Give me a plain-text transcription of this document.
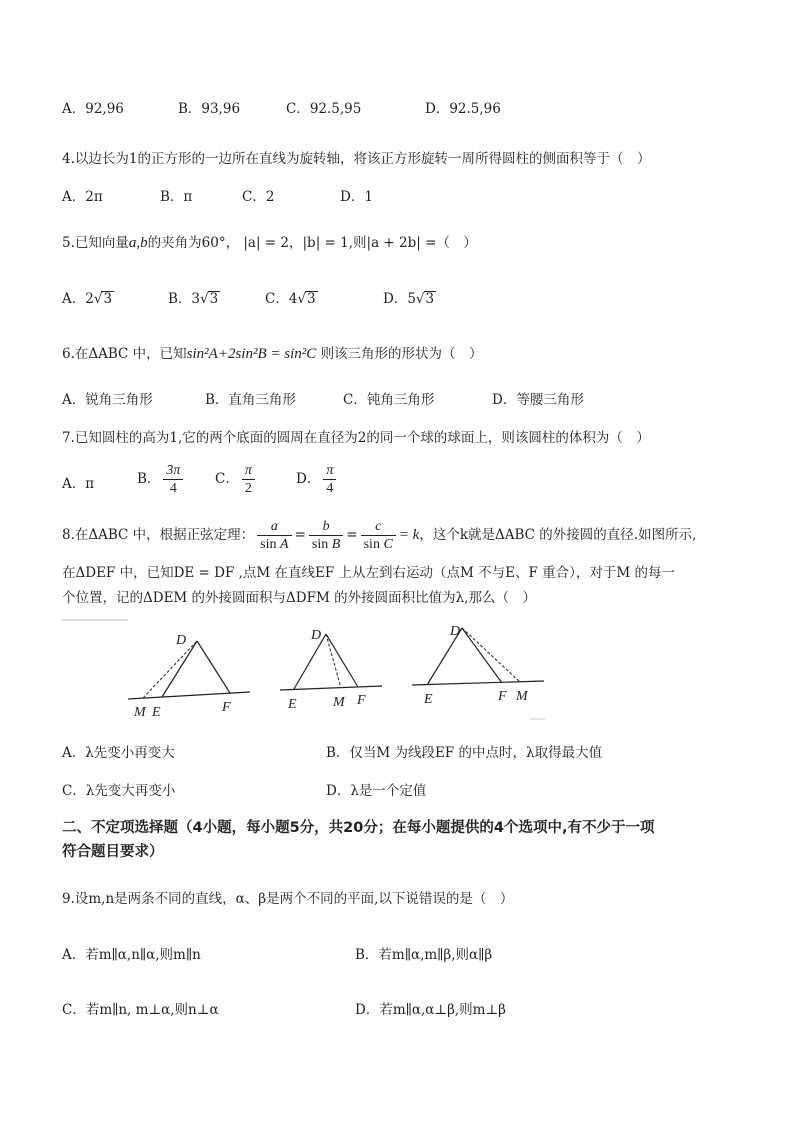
A．92,96	B．93,96	C．92.5,95	D．92.5,96
4.以边长为1的正方形的一边所在直线为旋转轴，将该正方形旋转一周所得圆柱的侧面积等于（　）
A．2π	B．π	C．2	D．1
5.已知向量a,b的夹角为60°， |a| = 2，|b| = 1,则|a + 2b| =（　）
A．2√3	B．3√3	C．4√3	D．5√3
6.在ΔABC 中，已知sin²A+2sin²B = sin²C 则该三角形的形状为（　）
A．锐角三角形	B．直角三角形	C．钝角三角形	D．等腰三角形
7.已知圆柱的高为1,它的两个底面的圆周在直径为2的同一个球的球面上，则该圆柱的体积为（　）
A．π	B． $\frac{3\pi}{4}$ C． $\frac{\pi}{2}$	D． $\frac{\pi}{4}$
8.在ΔABC 中，根据正弦定理： $\frac{a}{\text{sin A}} = \frac{b}{\text{sin B}} = \frac{c}{\text{sin C}} = k$，这个k就是ΔABC 的外接圆的直径.如图所示,
在ΔDEF 中，已知DE = DF ,点M 在直线EF 上从左到右运动（点M 不与E、F 重合），对于M 的每一
个位置，记的ΔDEM 的外接圆面积与ΔDFM 的外接圆面积比值为λ,那么（　）
D
M E	F
D
E	M F
D
E	F M
A．λ先变小再变大	B．仅当M 为线段EF 的中点时，λ取得最大值
C．λ先变大再变小	D．λ是一个定值
二、不定项选择题（4小题，每小题5分，共20分；在每小题提供的4个选项中,有不少于一项
符合题目要求）
9.设m,n是两条不同的直线，α、β是两个不同的平面,以下说错误的是（　）
A．若m∥α,n∥α,则m∥n	B．若m∥α,m∥β,则α∥β
C．若m∥n, m⊥α,则n⊥α	D．若m∥α,α⊥β,则m⊥β
